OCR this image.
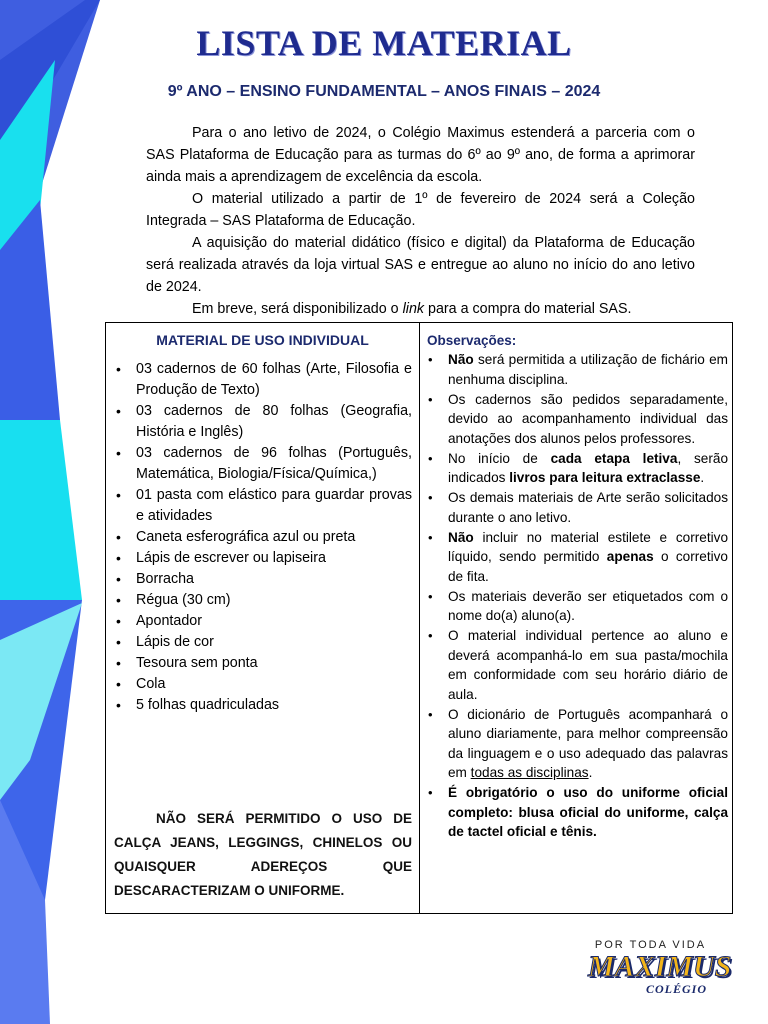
LISTA DE MATERIAL
9º ANO – ENSINO FUNDAMENTAL – ANOS FINAIS – 2024

Para o ano letivo de 2024, o Colégio Maximus estenderá a parceria com o SAS Plataforma de Educação para as turmas do 6º ao 9º ano, de forma a aprimorar ainda mais a aprendizagem de excelência da escola.

O material utilizado a partir de 1º de fevereiro de 2024 será a Coleção Integrada – SAS Plataforma de Educação.

A aquisição do material didático (físico e digital) da Plataforma de Educação será realizada através da loja virtual SAS e entregue ao aluno no início do ano letivo de 2024.

Em breve, será disponibilizado o link para a compra do material SAS.

MATERIAL DE USO INDIVIDUAL
• 03 cadernos de 60 folhas (Arte, Filosofia e Produção de Texto)
• 03 cadernos de 80 folhas (Geografia, História e Inglês)
• 03 cadernos de 96 folhas (Português, Matemática, Biologia/Física/Química,)
• 01 pasta com elástico para guardar provas e atividades
• Caneta esferográfica azul ou preta
• Lápis de escrever ou lapiseira
• Borracha
• Régua (30 cm)
• Apontador
• Lápis de cor
• Tesoura sem ponta
• Cola
• 5 folhas quadriculadas
NÃO SERÁ PERMITIDO O USO DE CALÇA JEANS, LEGGINGS, CHINELOS OU QUAISQUER ADEREÇOS QUE DESCARACTERIZAM O UNIFORME.
Observações:
• Não será permitida a utilização de fichário em nenhuma disciplina.
• Os cadernos são pedidos separadamente, devido ao acompanhamento individual das anotações dos alunos pelos professores.
• No início de cada etapa letiva, serão indicados livros para leitura extraclasse.
• Os demais materiais de Arte serão solicitados durante o ano letivo.
• Não incluir no material estilete e corretivo líquido, sendo permitido apenas o corretivo de fita.
• Os materiais deverão ser etiquetados com o nome do(a) aluno(a).
• O material individual pertence ao aluno e deverá acompanhá-lo em sua pasta/mochila em conformidade com seu horário diário de aula.
• O dicionário de Português acompanhará o aluno diariamente, para melhor compreensão da linguagem e o uso adequado das palavras em todas as disciplinas.
• É obrigatório o uso do uniforme oficial completo: blusa oficial do uniforme, calça de tactel oficial e tênis.
POR TODA VIDA
MAXIMUS
COLÉGIO
